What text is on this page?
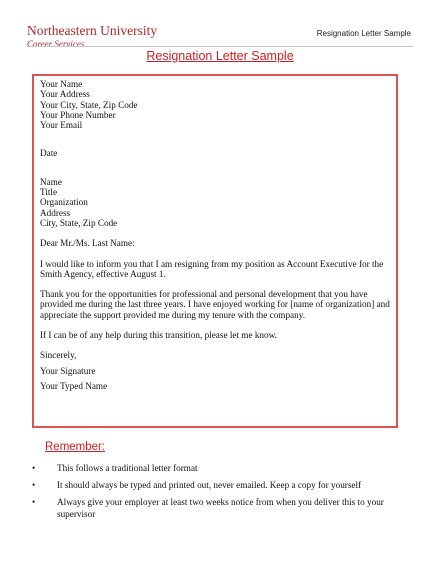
Northeastern University
Career Services
Resignation Letter Sample
Resignation Letter Sample
Your Name
Your Address
Your City, State, Zip Code
Your Phone Number
Your Email
Date
Name
Title
Organization
Address
City, State, Zip Code
Dear Mr./Ms. Last Name:

I would like to inform you that I am resigning from my position as Account Executive for the Smith Agency, effective August 1.

Thank you for the opportunities for professional and personal development that you have provided me during the last three years. I have enjoyed working for [name of organization] and appreciate the support provided me during my tenure with the company.

If I can be of any help during this transition, please let me know.

Sincerely,
Your Signature
Your Typed Name
Remember:
• This follows a traditional letter format
• It should always be typed and printed out, never emailed. Keep a copy for yourself
• Always give your employer at least two weeks notice from when you deliver this to your supervisor
